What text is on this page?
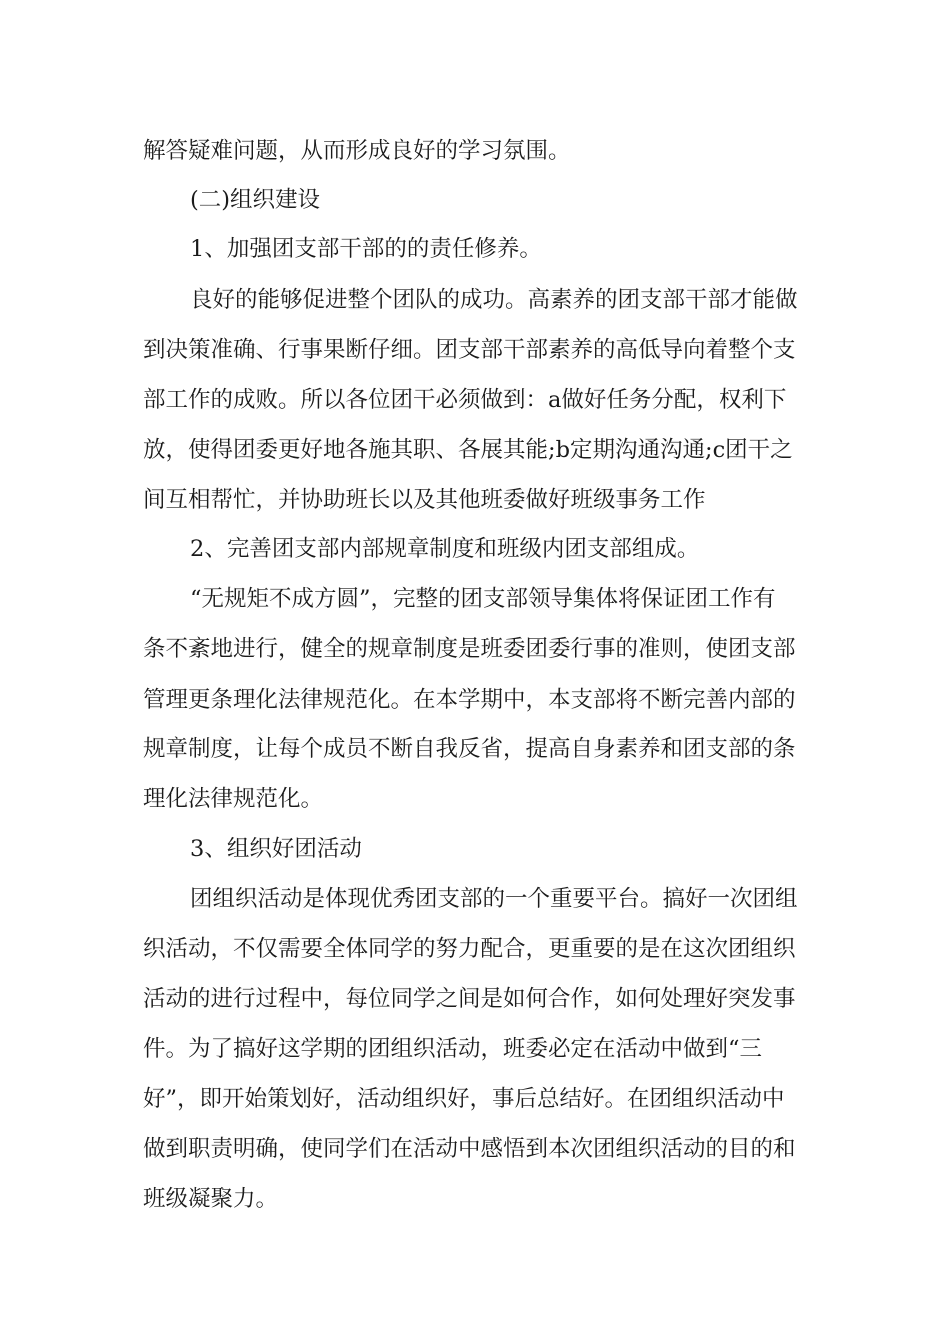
解答疑难问题，从而形成良好的学习氛围。
(二)组织建设
1、加强团支部干部的的责任修养。
良好的能够促进整个团队的成功。高素养的团支部干部才能做
到决策准确、行事果断仔细。团支部干部素养的高低导向着整个支
部工作的成败。所以各位团干必须做到：a做好任务分配，权利下
放，使得团委更好地各施其职、各展其能;b定期沟通沟通;c团干之
间互相帮忙，并协助班长以及其他班委做好班级事务工作
2、完善团支部内部规章制度和班级内团支部组成。
“无规矩不成方圆”，完整的团支部领导集体将保证团工作有
条不紊地进行，健全的规章制度是班委团委行事的准则，使团支部
管理更条理化法律规范化。在本学期中，本支部将不断完善内部的
规章制度，让每个成员不断自我反省，提高自身素养和团支部的条
理化法律规范化。
3、组织好团活动
团组织活动是体现优秀团支部的一个重要平台。搞好一次团组
织活动，不仅需要全体同学的努力配合，更重要的是在这次团组织
活动的进行过程中，每位同学之间是如何合作，如何处理好突发事
件。为了搞好这学期的团组织活动，班委必定在活动中做到“三
好”，即开始策划好，活动组织好，事后总结好。在团组织活动中
做到职责明确，使同学们在活动中感悟到本次团组织活动的目的和
班级凝聚力。
